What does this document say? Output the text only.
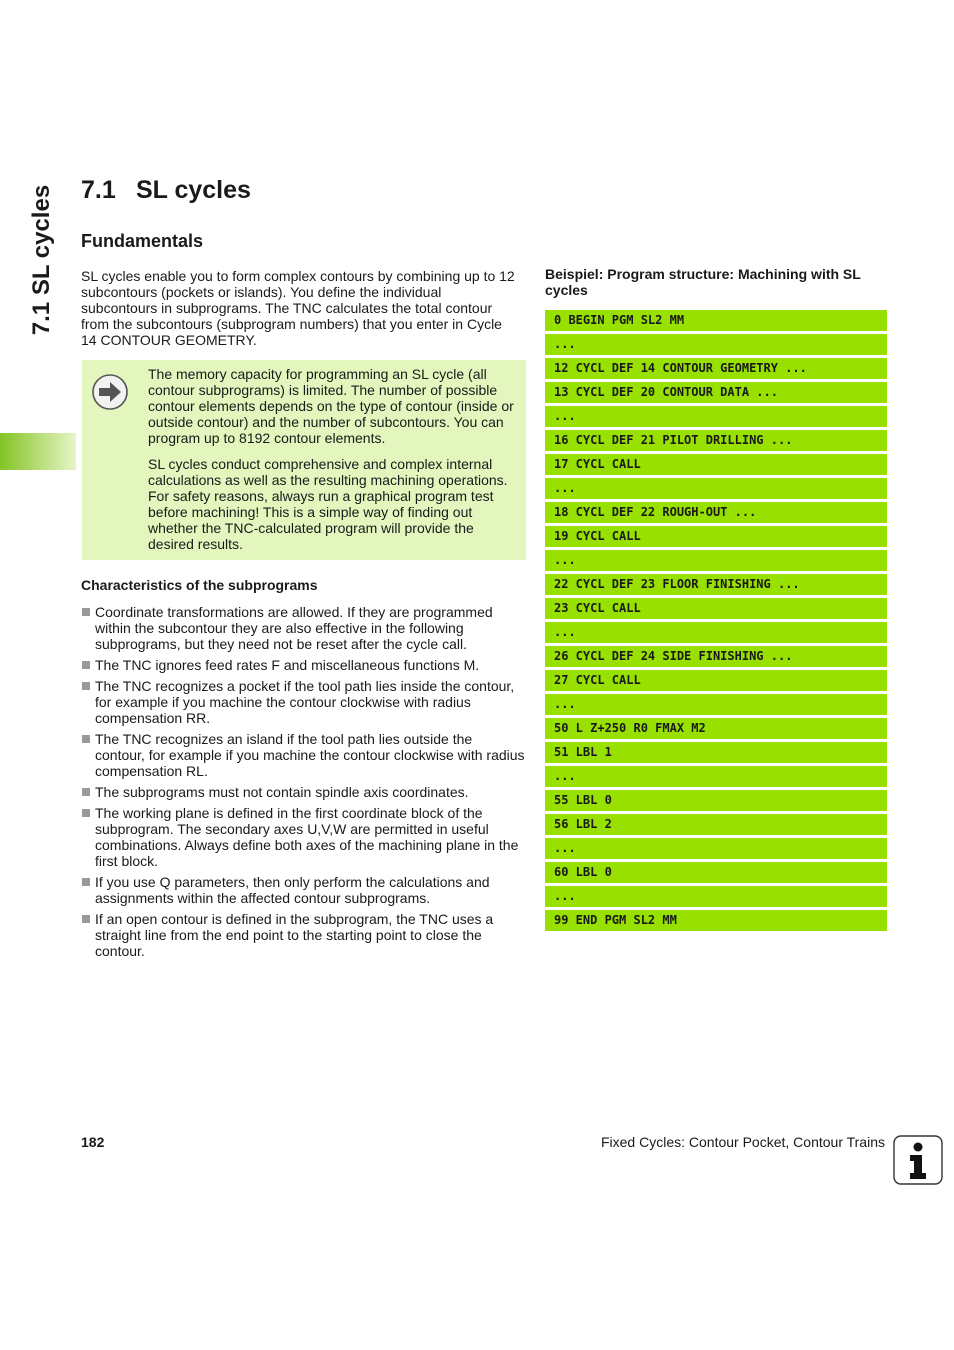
7.1 SL cycles 7.1 SL cycles
Fundamentals

SL cycles enable you to form complex contours by combining up to 12 subcontours (pockets or islands). You define the individual subcontours in subprograms. The TNC calculates the total contour from the subcontours (subprogram numbers) that you enter in Cycle 14 CONTOUR GEOMETRY.

The memory capacity for programming an SL cycle (all contour subprograms) is limited. The number of possible contour elements depends on the type of contour (inside or outside contour) and the number of subcontours. You can program up to 8192 contour elements.

SL cycles conduct comprehensive and complex internal calculations as well as the resulting machining operations. For safety reasons, always run a graphical program test before machining! This is a simple way of finding out whether the TNC-calculated program will provide the desired results.

Characteristics of the subprograms
Coordinate transformations are allowed. If they are programmed within the subcontour they are also effective in the following subprograms, but they need not be reset after the cycle call.
The TNC ignores feed rates F and miscellaneous functions M.
The TNC recognizes a pocket if the tool path lies inside the contour, for example if you machine the contour clockwise with radius compensation RR.
The TNC recognizes an island if the tool path lies outside the contour, for example if you machine the contour clockwise with radius compensation RL.
The subprograms must not contain spindle axis coordinates.
The working plane is defined in the first coordinate block of the subprogram. The secondary axes U,V,W are permitted in useful combinations. Always define both axes of the machining plane in the first block.
If you use Q parameters, then only perform the calculations and assignments within the affected contour subprograms.
If an open contour is defined in the subprogram, the TNC uses a straight line from the end point to the starting point to close the contour.

Beispiel: Program structure: Machining with SL cycles

0 BEGIN PGM SL2 MM
...
12 CYCL DEF 14 CONTOUR GEOMETRY ...
13 CYCL DEF 20 CONTOUR DATA ...
...
16 CYCL DEF 21 PILOT DRILLING ...
17 CYCL CALL
...
18 CYCL DEF 22 ROUGH-OUT ...
19 CYCL CALL
...
22 CYCL DEF 23 FLOOR FINISHING ...
23 CYCL CALL
...
26 CYCL DEF 24 SIDE FINISHING ...
27 CYCL CALL
...
50 L Z+250 R0 FMAX M2
51 LBL 1
...
55 LBL 0
56 LBL 2
...
60 LBL 0
...
99 END PGM SL2 MM
182	Fixed Cycles: Contour Pocket, Contour Trains
